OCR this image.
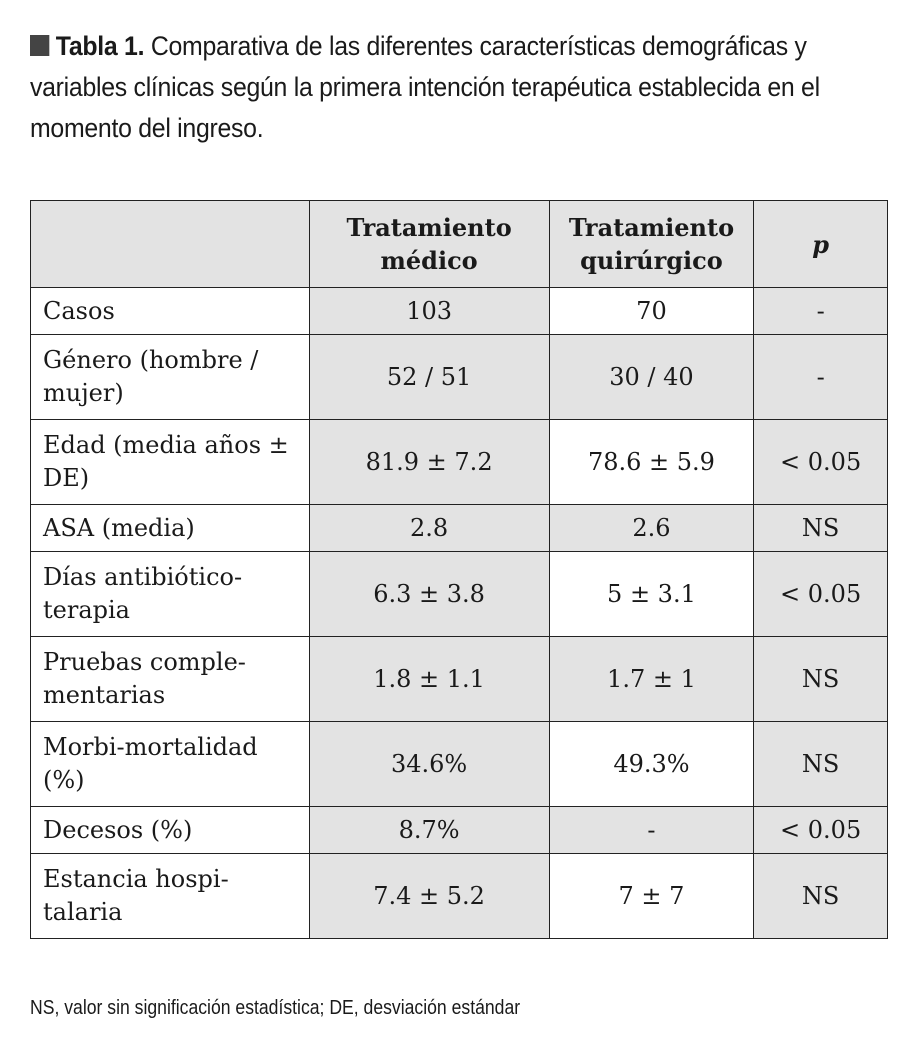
Tabla 1. Comparativa de las diferentes características demográficas y variables clínicas según la primera intención terapéutica establecida en el momento del ingreso.
	Tratamiento médico	Tratamiento quirúrgico	p
Casos	103	70	-
Género (hombre / mujer)	52 / 51	30 / 40	-
Edad (media años ± DE)	81.9 ± 7.2	78.6 ± 5.9	< 0.05
ASA (media)	2.8	2.6	NS
Días antibiótico-terapia	6.3 ± 3.8	5 ± 3.1	< 0.05
Pruebas comple-mentarias	1.8 ± 1.1	1.7 ± 1	NS
Morbi-mortalidad (%)	34.6%	49.3%	NS
Decesos (%)	8.7%	-	< 0.05
Estancia hospi-talaria	7.4 ± 5.2	7 ± 7	NS
NS, valor sin significación estadística; DE, desviación estándar
